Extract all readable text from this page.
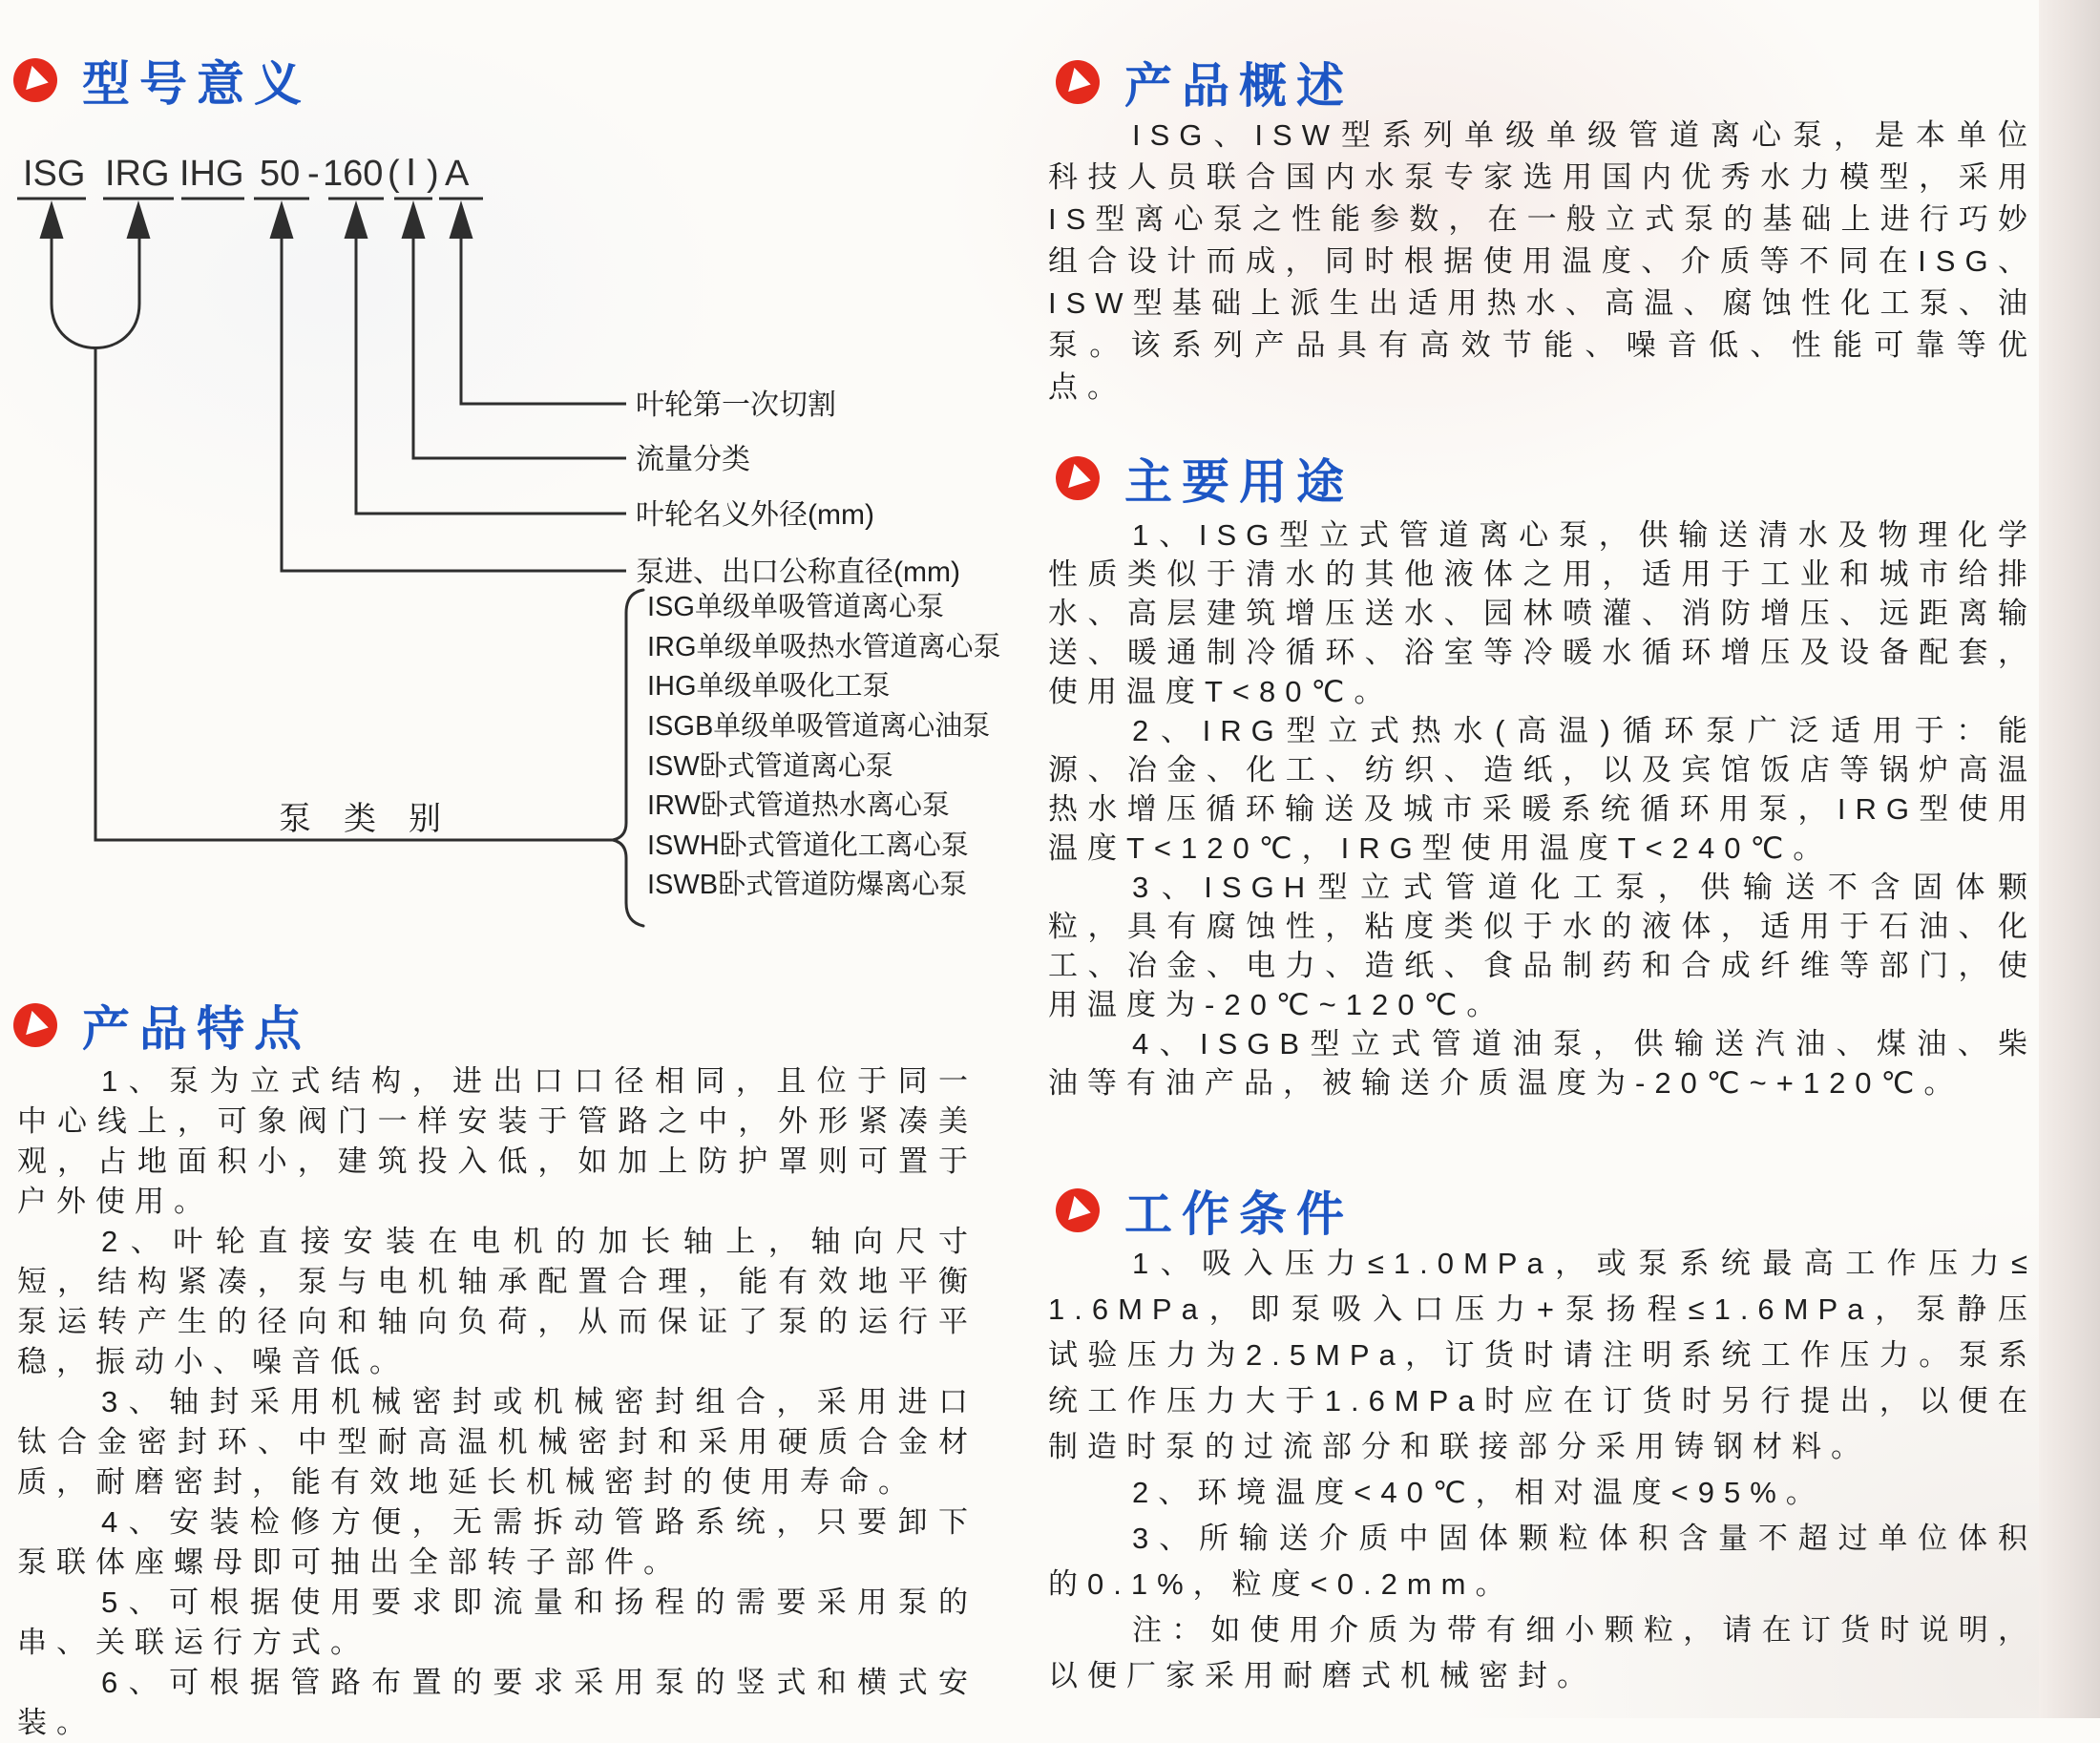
型号意义
ISG IRG IHG 50 - 160 ( Ⅰ ) A
叶轮第一次切割
流量分类
叶轮名义外径(mm)
泵进、出口公称直径(mm)
泵　类　别
ISG单级单吸管道离心泵
IRG单级单吸热水管道离心泵
IHG单级单吸化工泵
ISGB单级单吸管道离心油泵
ISW卧式管道离心泵
IRW卧式管道热水离心泵
ISWH卧式管道化工离心泵
ISWB卧式管道防爆离心泵
产品特点

1、泵为立式结构，进出口口径相同，且位于同一中心线上，可象阀门一样安装于管路之中，外形紧凑美观，占地面积小，建筑投入低，如加上防护罩则可置于户外使用。

2、叶轮直接安装在电机的加长轴上，轴向尺寸短，结构紧凑，泵与电机轴承配置合理，能有效地平衡泵运转产生的径向和轴向负荷，从而保证了泵的运行平稳，振动小、噪音低。

3、轴封采用机械密封或机械密封组合，采用进口钛合金密封环、中型耐高温机械密封和采用硬质合金材质，耐磨密封，能有效地延长机械密封的使用寿命。

4、安装检修方便，无需拆动管路系统，只要卸下泵联体座螺母即可抽出全部转子部件。

5、可根据使用要求即流量和扬程的需要采用泵的串、关联运行方式。

6、可根据管路布置的要求采用泵的竖式和横式安装。

产品概述

ISG、ISW型系列单级单级管道离心泵，是本单位科技人员联合国内水泵专家选用国内优秀水力模型，采用IS型离心泵之性能参数，在一般立式泵的基础上进行巧妙组合设计而成，同时根据使用温度、介质等不同在ISG、ISW型基础上派生出适用热水、高温、腐蚀性化工泵、油泵。该系列产品具有高效节能、噪音低、性能可靠等优点。

主要用途

1、ISG型立式管道离心泵，供输送清水及物理化学性质类似于清水的其他液体之用，适用于工业和城市给排水、高层建筑增压送水、园林喷灌、消防增压、远距离输送、暖通制冷循环、浴室等冷暖水循环增压及设备配套，使用温度T<80℃。

2、IRG型立式热水(高温)循环泵广泛适用于：能源、冶金、化工、纺织、造纸，以及宾馆饭店等锅炉高温热水增压循环输送及城市采暖系统循环用泵，IRG型使用温度T<120℃，IRG型使用温度T<240℃。

3、ISGH型立式管道化工泵，供输送不含固体颗粒，具有腐蚀性，粘度类似于水的液体，适用于石油、化工、冶金、电力、造纸、食品制药和合成纤维等部门，使用温度为-20℃~120℃。

4、ISGB型立式管道油泵，供输送汽油、煤油、柴油等有油产品，被输送介质温度为-20℃~+120℃。

工作条件

1、吸入压力≤1.0MPa，或泵系统最高工作压力≤1.6MPa，即泵吸入口压力+泵扬程≤1.6MPa，泵静压试验压力为2.5MPa，订货时请注明系统工作压力。泵系统工作压力大于1.6MPa时应在订货时另行提出，以便在制造时泵的过流部分和联接部分采用铸钢材料。

2、环境温度<40℃，相对温度<95%。

3、所输送介质中固体颗粒体积含量不超过单位体积的0.1%，粒度<0.2mm。

注：如使用介质为带有细小颗粒，请在订货时说明，以便厂家采用耐磨式机械密封。
